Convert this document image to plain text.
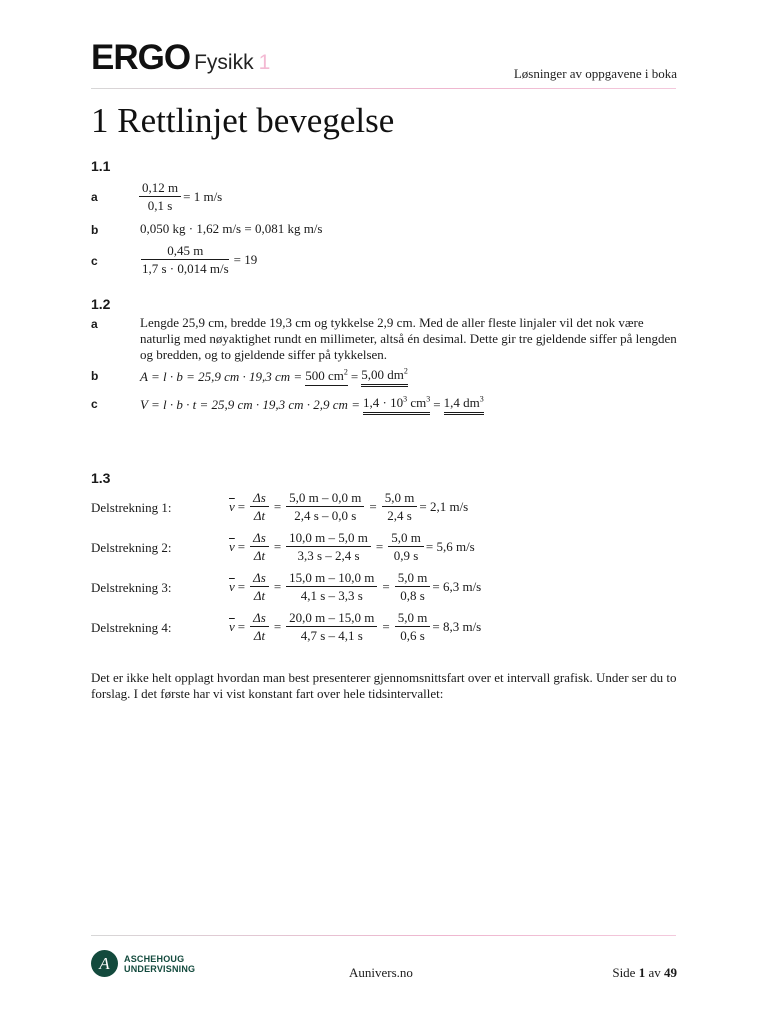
ERGO Fysikk 1	Løsninger av oppgavene i boka
1 Rettlinjet bevegelse
1.1
a	$\frac{0,12 m}{0,1 s} = 1$ m/s
b	0,050 kg · 1,62 m/s = 0,081 kg m/s
c	$\frac{0,45 m}{1,7 s \cdot 0,014 m/s} = 19$
1.2
a	Lengde 25,9 cm, bredde 19,3 cm og tykkelse 2,9 cm. Med de aller fleste linjaler vil det nok være naturlig med nøyaktighet rundt en millimeter, altså én desimal. Dette gir tre gjeldende siffer på lengden og bredden, og to gjeldende siffer på tykkelsen.
b	A = l · b = 25,9 cm · 19,3 cm = 500 $cm^2 = 5,00$ $dm^2$
c	V = l · b · t = 25,9 cm · 19,3 cm · 2,9 cm = $1,4 \cdot 10^3$ $cm^3 = 1,4$ $dm^3$
1.3
Delstrekning 1:	$\overline{v} = \frac{\Delta s}{\Delta t} = \frac{5,0 m - 0,0 m}{2,4 s - 0,0 s} = \frac{5,0 m}{2,4 s} = 2,1$ m/s
Delstrekning 2:	$\overline{v} = \frac{\Delta s}{\Delta t} = \frac{10,0 m - 5,0 m}{3,3 s - 2,4 s} = \frac{5,0 m}{0,9 s} = 5,6$ m/s
Delstrekning 3:	$\overline{v} = \frac{\Delta s}{\Delta t} = \frac{15,0 m - 10,0 m}{4,1 s - 3,3 s} = \frac{5,0 m}{0,8 s} = 6,3$ m/s
Delstrekning 4:	$\overline{v} = \frac{\Delta s}{\Delta t} = \frac{20,0 m - 15,0 m}{4,7 s - 4,1 s} = \frac{5,0 m}{0,6 s} = 8,3$ m/s
Det er ikke helt opplagt hvordan man best presenterer gjennomsnittsfart over et intervall grafisk. Under ser du to forslag. I det første har vi vist konstant fart over hele tidsintervallet:
A	ASCHEHOUG
UNDERVISNING	Aunivers.no	Side 1 av 49
